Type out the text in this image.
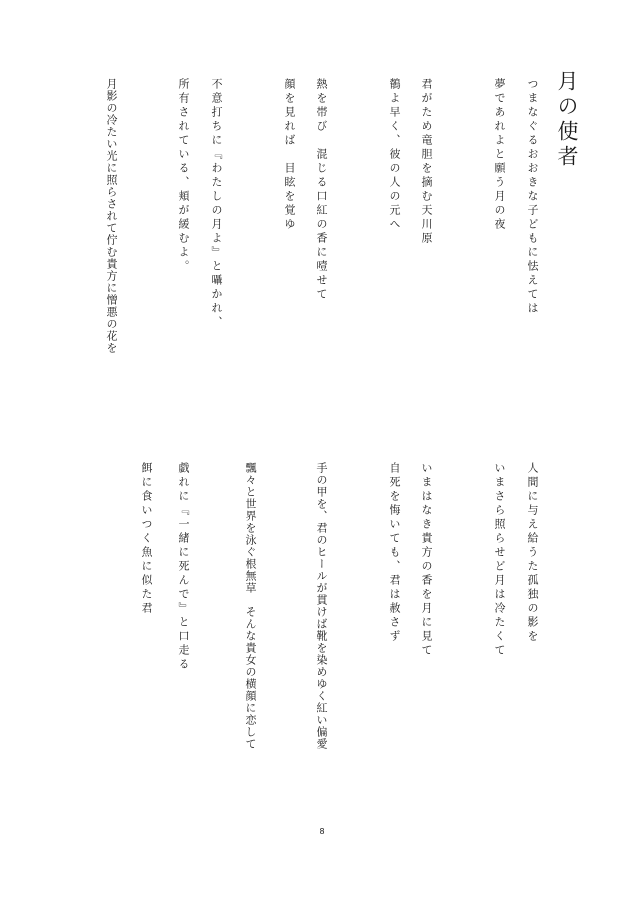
月の使者
つまなぐるおおきな子どもに怯えては
夢であれよと願う月の夜
君がため竜胆を摘む天川原
鶺よ早く、彼の人の元へ
熱を帯び　混じる口紅の香に噎せて
顔を見れば　目眩を覚ゆ
不意打ちに『わたしの月よ』と囁かれ、
所有されている、頬が緩むよ。
月影の冷たい光に照らされて佇む貴方に憎悪の花を
人間に与え給うた孤独の影を
いまさら照らせど月は冷たくて
いまはなき貴方の香を月に見て
自死を悔いても、君は赦さず
手の甲を、君のヒールが貫けば靴を染めゆく紅い偏愛
飄々と世界を泳ぐ根無草　そんな貴女の横顔に恋して
戯れに『一緒に死んで』と口走る
餌に食いつく魚に似た君
8
